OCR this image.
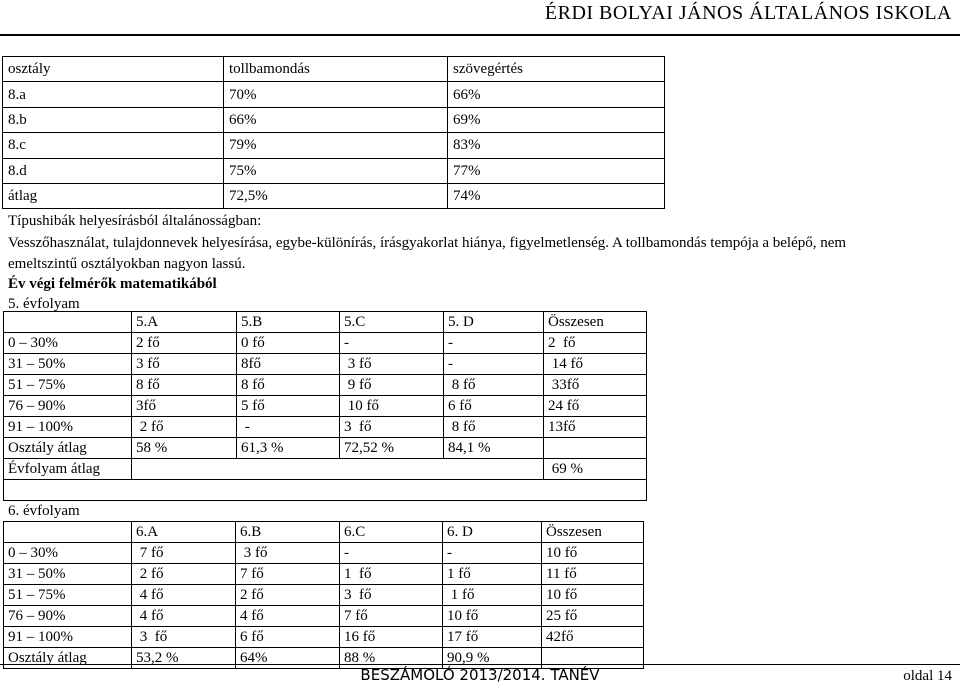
ÉRDI BOLYAI JÁNOS ÁLTALÁNOS ISKOLA
osztály	tollbamondás	szövegértés
8.a	70%	66%
8.b	66%	69%
8.c	79%	83%
8.d	75%	77%
átlag	72,5%	74%
Típushibák helyesírásból általánosságban:
Vesszőhasználat, tulajdonnevek helyesírása, egybe-különírás, írásgyakorlat hiánya, figyelmetlenség. A tollbamondás tempója a belépő, nem
emeltszintű osztályokban nagyon lassú.
Év végi felmérők matematikából
5. évfolyam
	5.A	5.B	5.C	5. D	Összesen
0 – 30%	2 fő	0 fő	-	-	2  fő
31 – 50%	3 fő	8fő	3 fő	-	14 fő
51 – 75%	8 fő	8 fő	9 fő	8 fő	33fő
76 – 90%	3fő	5 fő	10 fő	6 fő	24 fő
91 – 100%	2 fő	-	3  fő	8 fő	13fő
Osztály átlag	58 %	61,3 %	72,52 %	84,1 %	
Évfolyam átlag					69 %

6. évfolyam
	6.A	6.B	6.C	6. D	Összesen
0 – 30%	7 fő	3 fő	-	-	10 fő
31 – 50%	2 fő	7 fő	1  fő	1 fő	11 fő
51 – 75%	4 fő	2 fő	3  fő	1 fő	10 fő
76 – 90%	4 fő	4 fő	7 fő	10 fő	25 fő
91 – 100%	3  fő	6 fő	16 fő	17 fő	42fő
Osztály átlag	53,2 %	64%	88 %	90,9 %	
BESZÁMOLÓ 2013/2014. TANÉV	oldal 14
